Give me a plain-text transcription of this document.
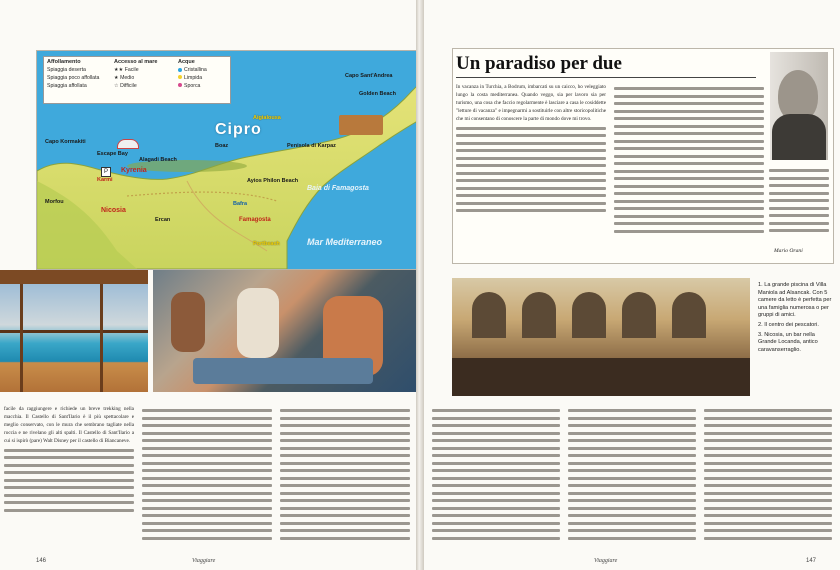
Affollamento
Spiaggia deserta
Spiaggia poco affollata
Spiaggia affollata
Accesso al mare
★★ Facile
★ Medio
☆ Difficile
Acque
Cristallina
Limpida
Sporca
Cipro
Mar Mediterraneo
Baia di Famagosta
Capo Kormakiti
Escape Bay
Alagadi Beach
Kyrenia
Karmi
Nicosia
Famagosta
Ayios Philon Beach
Golden Beach
Capo Sant'Andrea
Penisola di Karpaz
Aigialousa
Boaz
Bafra
Ercan
Morfou
Portbeach
P
facile da raggiungere e richiede un breve trekking nella macchia. Il Castello di Sant'Ilario è il più spettacolare e meglio conservato, con le mura che sembrano tagliate nella roccia e ne rivelano gli alti spalti. Il Castello di Sant'Ilario a cui si ispirò (pare) Walt Disney per il castello di Biancaneve.
146	Viaggiare
Un paradiso per due
In vacanza in Turchia, a Bodrum, imbarcati su un caicco, ho veleggiato lungo la costa mediterranea. Quando veggo, sia per lavoro sia per turismo, una cosa che faccio regolarmente è lasciare a casa le cosiddette "letture di vacanza" e impegnarmi a sostituirle con altre storicopolitiche che mi consentano di conoscere la parte di mondo dove mi trovo.
Mario Orani
1. La grande piscina di Villa Maniola ad Alsancak. Con 5 camere da letto è perfetta per una famiglia numerosa o per gruppi di amici.
2. Il centro dei pescatori.
3. Nicosia, un bar nella Grande Locanda, antico caravanserraglio.
Viaggiare	147
